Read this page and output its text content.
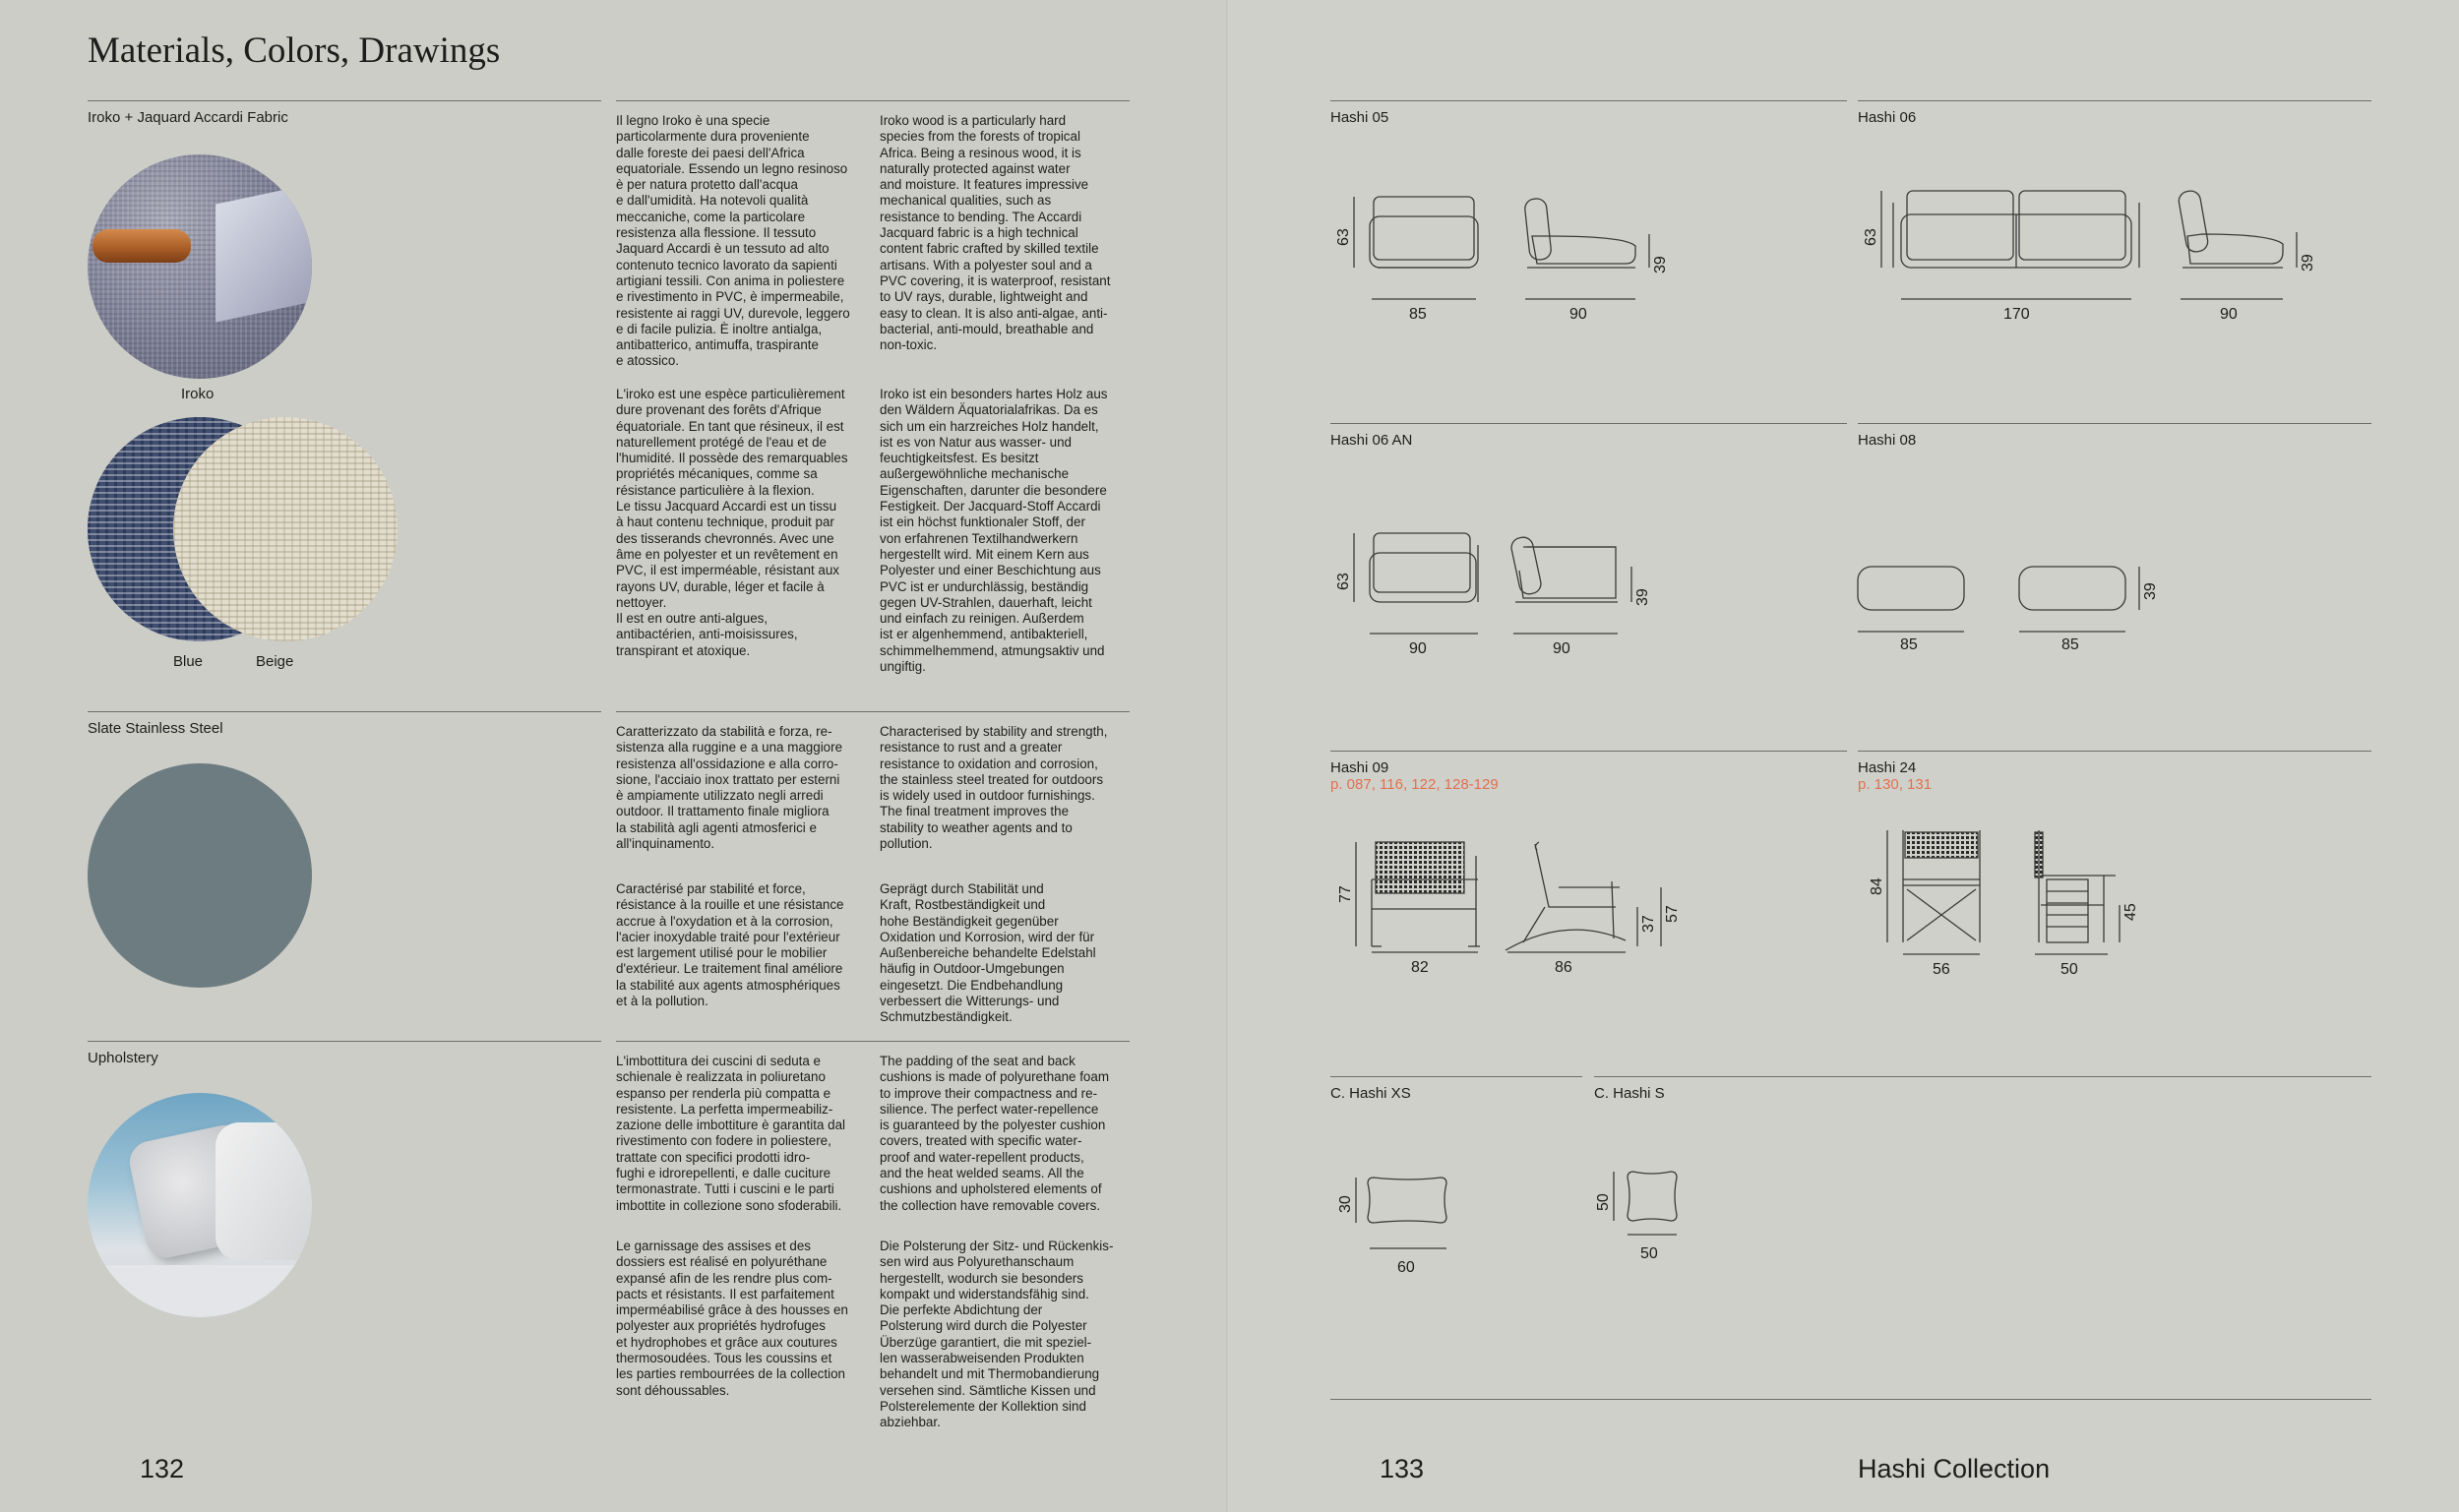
Materials, Colors, Drawings
Iroko + Jaquard Accardi Fabric
Iroko
Blue	Beige
Il legno Iroko è una specie
particolarmente dura proveniente
dalle foreste dei paesi dell'Africa
equatoriale. Essendo un legno resinoso
è per natura protetto dall'acqua
e dall'umidità. Ha notevoli qualità
meccaniche, come la particolare
resistenza alla flessione. Il tessuto
Jaquard Accardi è un tessuto ad alto
contenuto tecnico lavorato da sapienti
artigiani tessili. Con anima in poliestere
e rivestimento in PVC, è impermeabile,
resistente ai raggi UV, durevole, leggero
e di facile pulizia. È inoltre antialga,
antibatterico, antimuffa, traspirante
e atossico.
Iroko wood is a particularly hard
species from the forests of tropical
Africa. Being a resinous wood, it is
naturally protected against water
and moisture. It features impressive
mechanical qualities, such as
resistance to bending. The Accardi
Jacquard fabric is a high technical
content fabric crafted by skilled textile
artisans. With a polyester soul and a
PVC covering, it is waterproof, resistant
to UV rays, durable, lightweight and
easy to clean. It is also anti-algae, anti-
bacterial, anti-mould, breathable and
non-toxic.
L'iroko est une espèce particulièrement
dure provenant des forêts d'Afrique
équatoriale. En tant que résineux, il est
naturellement protégé de l'eau et de
l'humidité. Il possède des remarquables
propriétés mécaniques, comme sa
résistance particulière à la flexion.
Le tissu Jacquard Accardi est un tissu
à haut contenu technique, produit par
des tisserands chevronnés. Avec une
âme en polyester et un revêtement en
PVC, il est imperméable, résistant aux
rayons UV, durable, léger et facile à
nettoyer.
Il est en outre anti-algues,
antibactérien, anti-moisissures,
transpirant et atoxique.
Iroko ist ein besonders hartes Holz aus
den Wäldern Äquatorialafrikas. Da es
sich um ein harzreiches Holz handelt,
ist es von Natur aus wasser- und
feuchtigkeitsfest. Es besitzt
außergewöhnliche mechanische
Eigenschaften, darunter die besondere
Festigkeit. Der Jacquard-Stoff Accardi
ist ein höchst funktionaler Stoff, der
von erfahrenen Textilhandwerkern
hergestellt wird. Mit einem Kern aus
Polyester und einer Beschichtung aus
PVC ist er undurchlässig, beständig
gegen UV-Strahlen, dauerhaft, leicht
und einfach zu reinigen. Außerdem
ist er algenhemmend, antibakteriell,
schimmelhemmend, atmungsaktiv und
ungiftig.
Slate Stainless Steel	Caratterizzato da stabilità e forza, re-
sistenza alla ruggine e a una maggiore
resistenza all'ossidazione e alla corro-
sione, l'acciaio inox trattato per esterni
è ampiamente utilizzato negli arredi
outdoor. Il trattamento finale migliora
la stabilità agli agenti atmosferici e
all'inquinamento.
Characterised by stability and strength,
resistance to rust and a greater
resistance to oxidation and corrosion,
the stainless steel treated for outdoors
is widely used in outdoor furnishings.
The final treatment improves the
stability to weather agents and to
pollution.
Caractérisé par stabilité et force,
résistance à la rouille et une résistance
accrue à l'oxydation et à la corrosion,
l'acier inoxydable traité pour l'extérieur
est largement utilisé pour le mobilier
d'extérieur. Le traitement final améliore
la stabilité aux agents atmosphériques
et à la pollution.
Geprägt durch Stabilität und
Kraft, Rostbeständigkeit und
hohe Beständigkeit gegenüber
Oxidation und Korrosion, wird der für
Außenbereiche behandelte Edelstahl
häufig in Outdoor-Umgebungen
eingesetzt. Die Endbehandlung
verbessert die Witterungs- und
Schmutzbeständigkeit.
Upholstery	L'imbottitura dei cuscini di seduta e
schienale è realizzata in poliuretano
espanso per renderla più compatta e
resistente. La perfetta impermeabiliz-
zazione delle imbottiture è garantita dal
rivestimento con fodere in poliestere,
trattate con specifici prodotti idro-
fughi e idrorepellenti, e dalle cuciture
termonastrate. Tutti i cuscini e le parti
imbottite in collezione sono sfoderabili.
The padding of the seat and back
cushions is made of polyurethane foam
to improve their compactness and re-
silience. The perfect water-repellence
is guaranteed by the polyester cushion
covers, treated with specific water-
proof and water-repellent products,
and the heat welded seams. All the
cushions and upholstered elements of
the collection have removable covers.
Le garnissage des assises et des
dossiers est réalisé en polyuréthane
expansé afin de les rendre plus com-
pacts et résistants. Il est parfaitement
imperméabilisé grâce à des housses en
polyester aux propriétés hydrofuges
et hydrophobes et grâce aux coutures
thermosoudées. Tous les coussins et
les parties rembourrées de la collection
sont déhoussables.
Die Polsterung der Sitz- und Rückenkis-
sen wird aus Polyurethanschaum
hergestellt, wodurch sie besonders
kompakt und widerstandsfähig sind.
Die perfekte Abdichtung der
Polsterung wird durch die Polyester
Überzüge garantiert, die mit speziel-
len wasserabweisenden Produkten
behandelt und mit Thermobandierung
versehen sind. Sämtliche Kissen und
Polsterelemente der Kollektion sind
abziehbar.
132
Hashi 05	Hashi 06
85
63
90
39
170
63
90
39
Hashi 06 AN	Hashi 08
90
63
90
39
85	85
39
Hashi 09
p. 087, 116, 122, 128-129
Hashi 24
p. 130, 131
82
77
86
37
57
56
84
50
45
C. Hashi XS	C. Hashi S
60
30
50
50
133	Hashi Collection
